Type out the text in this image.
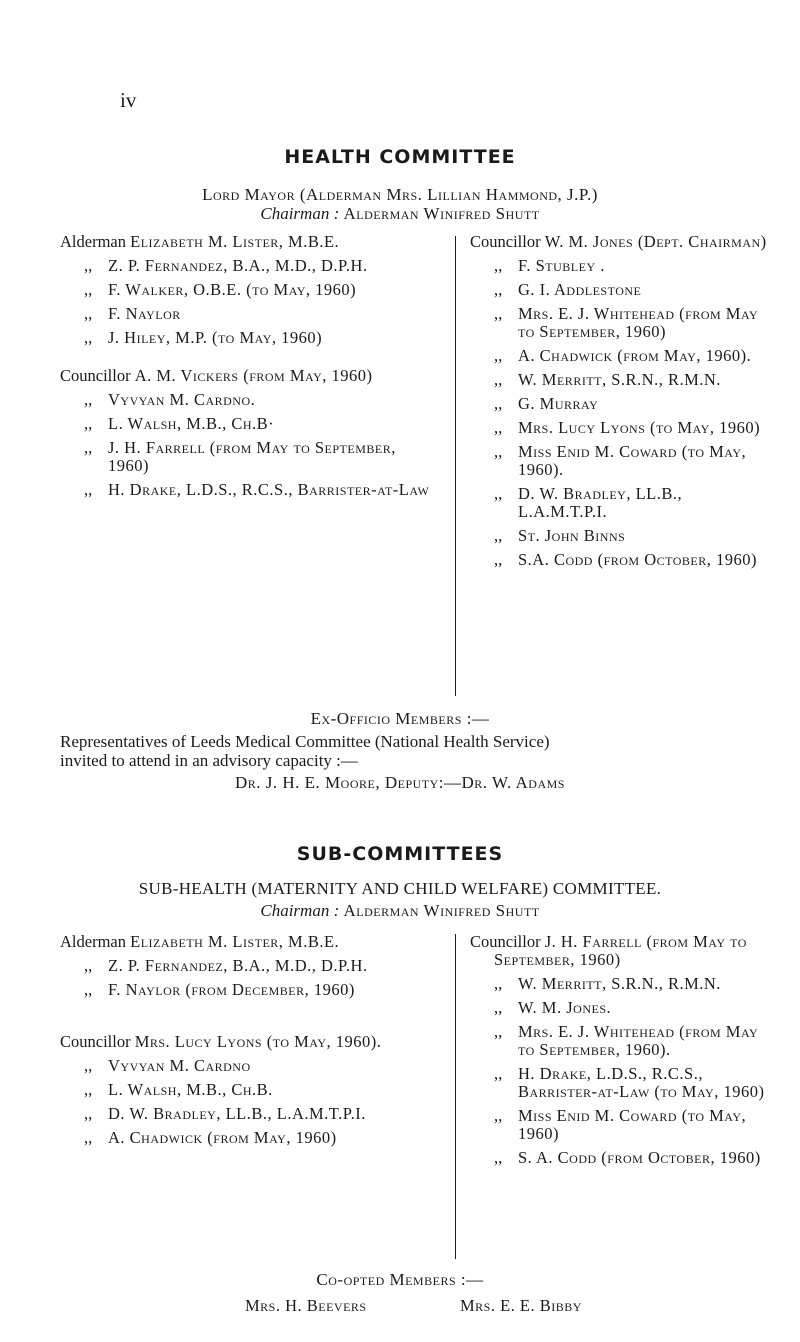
iv
HEALTH COMMITTEE
Lord Mayor (Alderman Mrs. Lillian Hammond, J.P.)
Chairman : Alderman Winifred Shutt
Alderman Elizabeth M. Lister, M.B.E.
,, Z. P. Fernandez, B.A., M.D., D.P.H.
,, F. Walker, O.B.E. (to May, 1960)
,, F. Naylor
,, J. Hiley, M.P. (to May, 1960)
Councillor A. M. Vickers (from May, 1960)
,, Vyvyan M. Cardno.
,, L. Walsh, M.B., Ch.B·
,, J. H. Farrell (from May to September, 1960)
,, H. Drake, L.D.S., R.C.S., Barrister-at-Law
Councillor W. M. Jones (Dept. Chairman)
,, F. Stubley .
,, G. I. Addlestone
,, Mrs. E. J. Whitehead (from May to September, 1960)
,, A. Chadwick (from May, 1960).
,, W. Merritt, S.R.N., R.M.N.
,, G. Murray
,, Mrs. Lucy Lyons (to May, 1960)
,, Miss Enid M. Coward (to May, 1960).
,, D. W. Bradley, LL.B., L.A.M.T.P.I.
,, St. John Binns
,, S.A. Codd (from October, 1960)
Ex-Officio Members :—
Representatives of Leeds Medical Committee (National Health Service)
invited to attend in an advisory capacity :—
Dr. J. H. E. Moore, Deputy:—Dr. W. Adams
SUB-COMMITTEES
SUB-HEALTH (MATERNITY AND CHILD WELFARE) COMMITTEE.
Chairman : Alderman Winifred Shutt
Alderman Elizabeth M. Lister, M.B.E.
,, Z. P. Fernandez, B.A., M.D., D.P.H.
,, F. Naylor (from December, 1960)
Councillor Mrs. Lucy Lyons (to May, 1960).
,, Vyvyan M. Cardno
,, L. Walsh, M.B., Ch.B.
,, D. W. Bradley, LL.B., L.A.M.T.P.I.
,, A. Chadwick (from May, 1960)
Councillor J. H. Farrell (from May to September, 1960)
,, W. Merritt, S.R.N., R.M.N.
,, W. M. Jones.
,, Mrs. E. J. Whitehead (from May to September, 1960).
,, H. Drake, L.D.S., R.C.S., Barrister-at-Law (to May, 1960)
,, Miss Enid M. Coward (to May, 1960)
,, S. A. Codd (from October, 1960)
Co-opted Members :—
Mrs. H. Beevers	Mrs. E. E. Bibby
